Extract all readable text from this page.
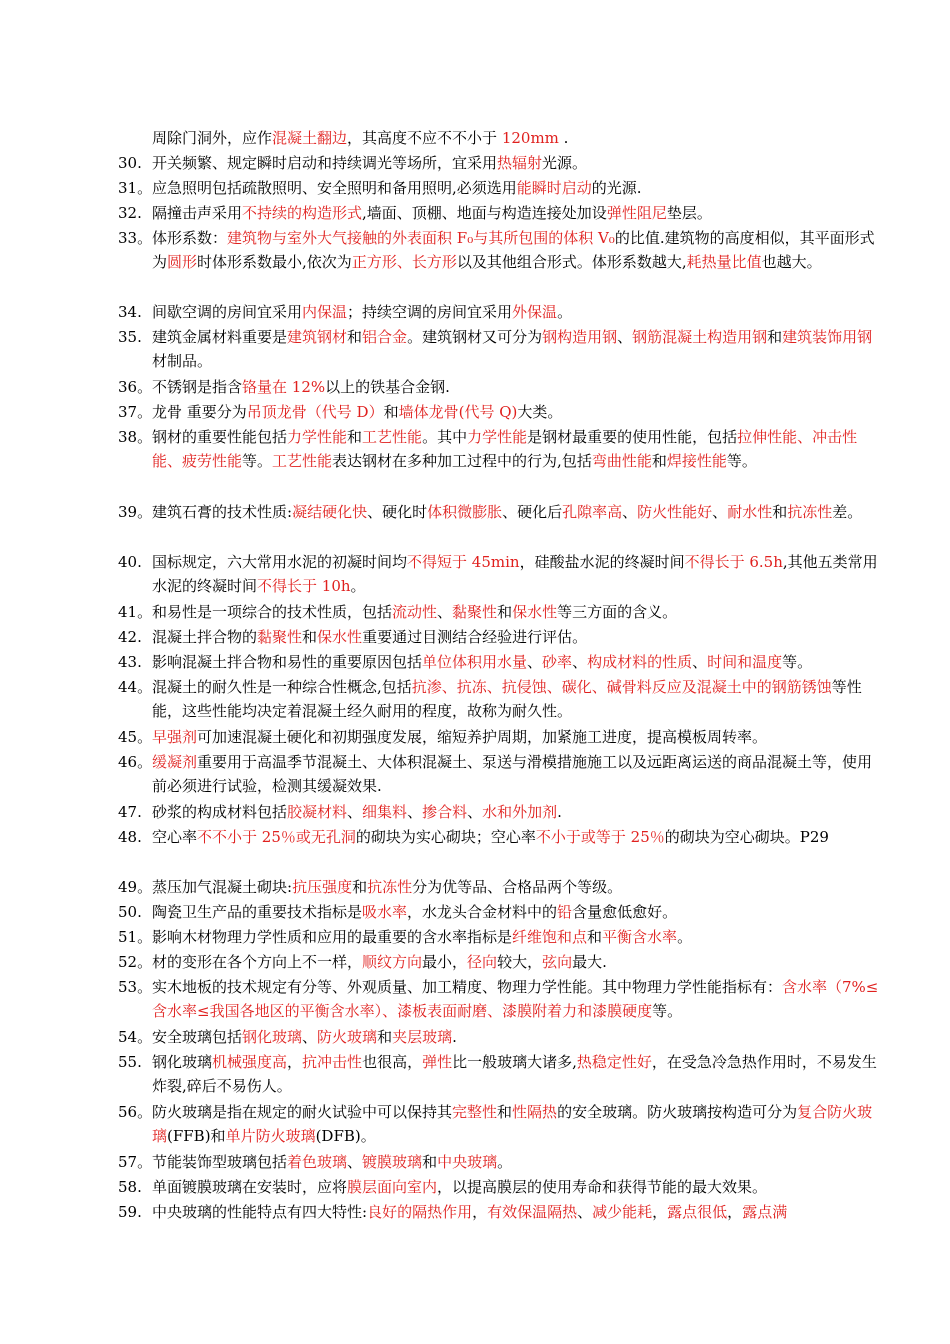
周除门洞外，应作混凝土翻边，其高度不应不不小于 120mm .
30. 开关频繁、规定瞬时启动和持续调光等场所，宜采用热辐射光源。
31。 应急照明包括疏散照明、安全照明和备用照明,必须选用能瞬时启动的光源.
32. 隔撞击声采用不持续的构造形式,墙面、顶棚、地面与构造连接处加设弹性阻尼垫层。
33。 体形系数：建筑物与室外大气接触的外表面积 F₀与其所包围的体积 V₀的比值.建筑物的高度相似，其平面形式为圆形时体形系数最小,依次为正方形、长方形以及其他组合形式。体形系数越大,耗热量比值也越大。
34. 间歇空调的房间宜采用内保温；持续空调的房间宜采用外保温。
35. 建筑金属材料重要是建筑钢材和铝合金。建筑钢材又可分为钢构造用钢、钢筋混凝土构造用钢和建筑装饰用钢材制品。
36。 不锈钢是指含铬量在 12%以上的铁基合金钢.
37。 龙骨 重要分为吊顶龙骨（代号 D）和墙体龙骨(代号 Q)大类。
38。 钢材的重要性能包括力学性能和工艺性能。其中力学性能是钢材最重要的使用性能，包括拉伸性能、冲击性能、疲劳性能等。工艺性能表达钢材在多种加工过程中的行为,包括弯曲性能和焊接性能等。
39。 建筑石膏的技术性质:凝结硬化快、硬化时体积微膨胀、硬化后孔隙率高、防火性能好、耐水性和抗冻性差。
40. 国标规定，六大常用水泥的初凝时间均不得短于 45min，硅酸盐水泥的终凝时间不得长于 6.5h,其他五类常用水泥的终凝时间不得长于 10h。
41。 和易性是一项综合的技术性质，包括流动性、黏聚性和保水性等三方面的含义。
42. 混凝土拌合物的黏聚性和保水性重要通过目测结合经验进行评估。
43. 影响混凝土拌合物和易性的重要原因包括单位体积用水量、砂率、构成材料的性质、时间和温度等。
44。 混凝土的耐久性是一种综合性概念,包括抗渗、抗冻、抗侵蚀、碳化、碱骨料反应及混凝土中的钢筋锈蚀等性能，这些性能均决定着混凝土经久耐用的程度，故称为耐久性。
45。 早强剂可加速混凝土硬化和初期强度发展，缩短养护周期，加紧施工进度，提高模板周转率。
46。 缓凝剂重要用于高温季节混凝土、大体积混凝土、泵送与滑模措施施工以及远距离运送的商品混凝土等，使用前必须进行试验，检测其缓凝效果.
47. 砂浆的构成材料包括胶凝材料、细集料、掺合料、水和外加剂.
48. 空心率不不小于 25％或无孔洞的砌块为实心砌块；空心率不小于或等于 25％的砌块为空心砌块。P29
49。 蒸压加气混凝土砌块:抗压强度和抗冻性分为优等品、合格品两个等级。
50. 陶瓷卫生产品的重要技术指标是吸水率，水龙头合金材料中的铅含量愈低愈好。
51。 影响木材物理力学性质和应用的最重要的含水率指标是纤维饱和点和平衡含水率。
52。 材的变形在各个方向上不一样，顺纹方向最小，径向较大，弦向最大.
53。 实木地板的技术规定有分等、外观质量、加工精度、物理力学性能。其中物理力学性能指标有：含水率（7%≤含水率≤我国各地区的平衡含水率）、漆板表面耐磨、漆膜附着力和漆膜硬度等。
54。 安全玻璃包括钢化玻璃、防火玻璃和夹层玻璃.
55. 钢化玻璃机械强度高，抗冲击性也很高，弹性比一般玻璃大诸多,热稳定性好，在受急冷急热作用时，不易发生炸裂,碎后不易伤人。
56。 防火玻璃是指在规定的耐火试验中可以保持其完整性和性隔热的安全玻璃。防火玻璃按构造可分为复合防火玻璃(FFB)和单片防火玻璃(DFB)。
57。 节能装饰型玻璃包括着色玻璃、镀膜玻璃和中央玻璃。
58. 单面镀膜玻璃在安装时，应将膜层面向室内，以提高膜层的使用寿命和获得节能的最大效果。
59. 中央玻璃的性能特点有四大特性:良好的隔热作用，有效保温隔热、减少能耗，露点很低，露点满
